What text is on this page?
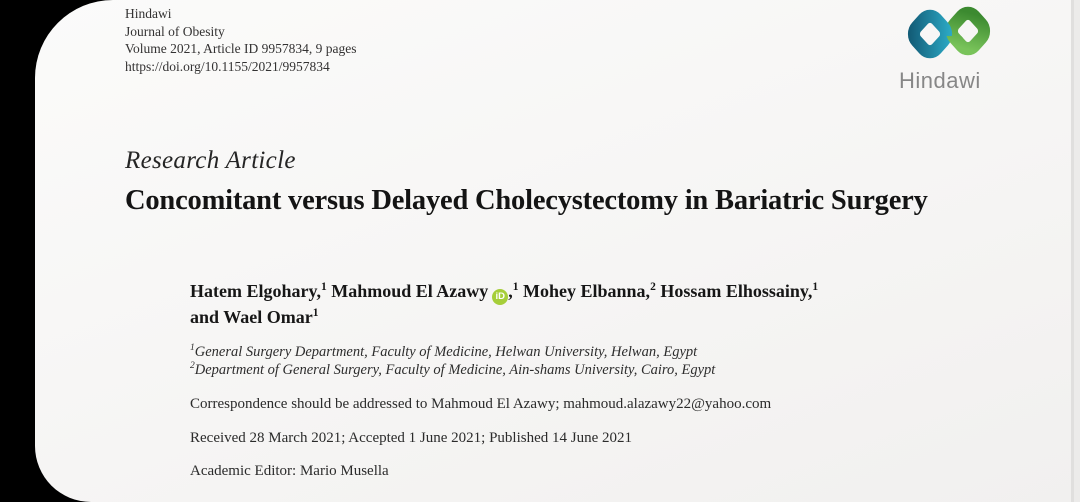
Hindawi
Journal of Obesity
Volume 2021, Article ID 9957834, 9 pages
https://doi.org/10.1155/2021/9957834
Hindawi
Research Article
Concomitant versus Delayed Cholecystectomy in Bariatric Surgery
Hatem Elgohary,$^1$ Mahmoud El Azawy iD ,$^1$ Mohey Elbanna,$^2$ Hossam Elhossainy,$^1$
and Wael Omar$^1$
$^1$General Surgery Department, Faculty of Medicine, Helwan University, Helwan, Egypt
$^2$Department of General Surgery, Faculty of Medicine, Ain-shams University, Cairo, Egypt
Correspondence should be addressed to Mahmoud El Azawy; mahmoud.alazawy22@yahoo.com
Received 28 March 2021; Accepted 1 June 2021; Published 14 June 2021
Academic Editor: Mario Musella
